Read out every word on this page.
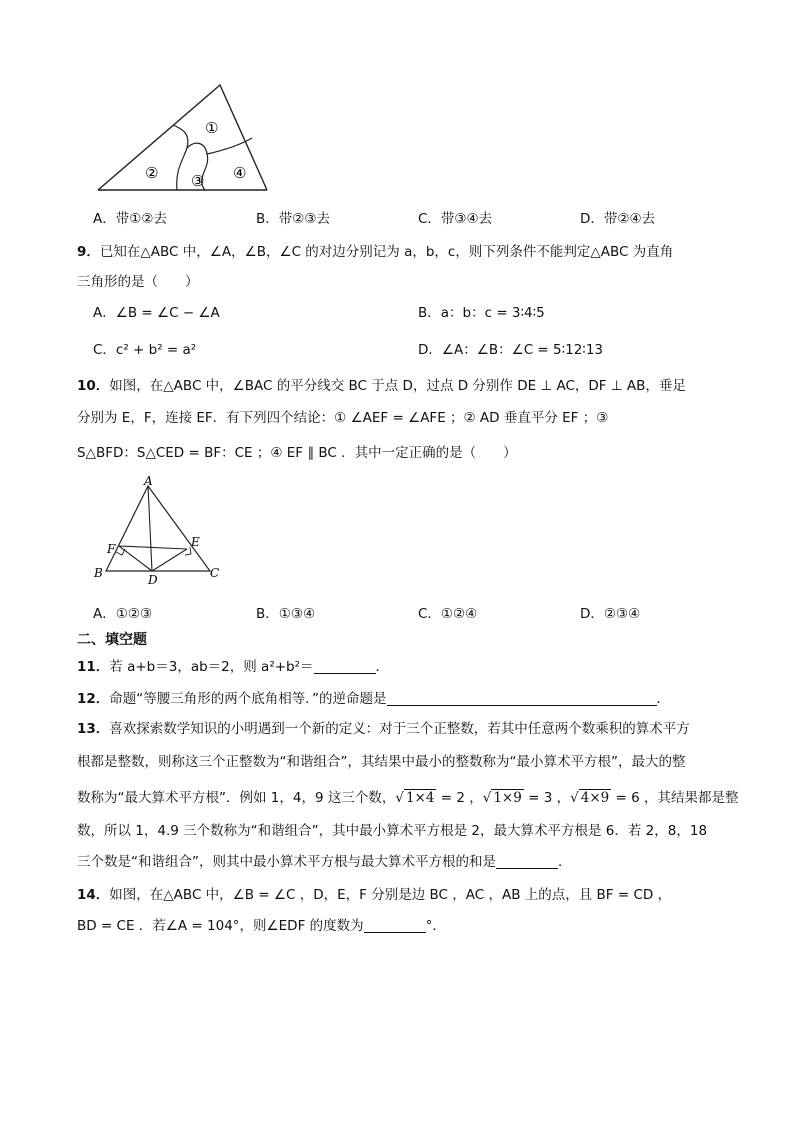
①
② ③ ④
A．带①②去	B．带②③去	C．带③④去	D．带②④去
9．已知在△ABC 中，∠A，∠B，∠C 的对边分别记为 a，b，c，则下列条件不能判定△ABC 为直角
三角形的是（　　）
A．∠B = ∠C − ∠A	B．a：b：c = 3∶4∶5
C．c² + b² = a²	D．∠A：∠B：∠C = 5∶12∶13
10．如图，在△ABC 中，∠BAC 的平分线交 BC 于点 D，过点 D 分别作 DE ⊥ AC，DF ⊥ AB，垂足
分别为 E，F，连接 EF．有下列四个结论：① ∠AEF = ∠AFE ；② AD 垂直平分 EF ；③
S△BFD：S△CED = BF：CE ；④ EF ∥ BC ．其中一定正确的是（　　）
A
B	C
D
E
F
A．①②③	B．①③④	C．①②④	D．②③④
二、填空题
11．若 a+b＝3，ab＝2，则 a²+b²＝	．
12．命题“等腰三角形的两个底角相等．”的逆命题是	．
13．喜欢探索数学知识的小明遇到一个新的定义：对于三个正整数，若其中任意两个数乘积的算术平方
根都是整数，则称这三个正整数为“和谐组合”，其结果中最小的整数称为“最小算术平方根”，最大的整
数称为“最大算术平方根”．例如 1，4，9 这三个数，√ 1×4 = 2 ，√ 1×9 = 3 ，√ 4×9 = 6 ，其结果都是整
数，所以 1，4.9 三个数称为“和谐组合”，其中最小算术平方根是 2，最大算术平方根是 6．若 2，8，18
三个数是“和谐组合”，则其中最小算术平方根与最大算术平方根的和是	．
14．如图，在△ABC 中，∠B = ∠C ，D，E，F 分别是边 BC ，AC ，AB 上的点，且 BF = CD ，
BD = CE ．若∠A = 104°，则∠EDF 的度数为	°．
